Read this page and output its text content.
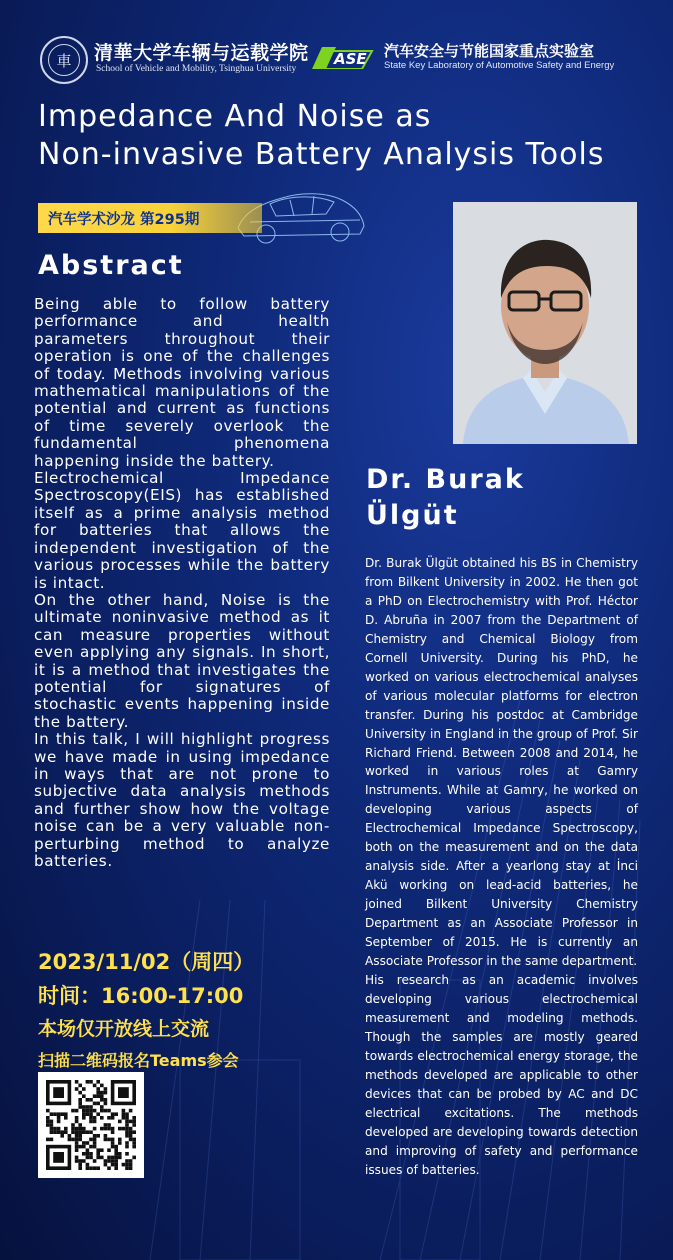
車	清華大学车辆与运载学院
School of Vehicle and Mobility, Tsinghua University
ASE 汽车安全与节能国家重点实验室
State Key Laboratory of Automotive Safety and Energy
Impedance And Noise as
Non-invasive Battery Analysis Tools
汽车学术沙龙 第295期
Abstract

Being able to follow battery performance and health parameters throughout their operation is one of the challenges of today. Methods involving various mathematical manipulations of the potential and current as functions of time severely overlook the fundamental phenomena happening inside the battery.

Electrochemical Impedance Spectroscopy(EIS) has established itself as a prime analysis method for batteries that allows the independent investigation of the various processes while the battery is intact.

On the other hand, Noise is the ultimate noninvasive method as it can measure properties without even applying any signals. In short, it is a method that investigates the potential for signatures of stochastic events happening inside the battery.

In this talk, I will highlight progress we have made in using impedance in ways that are not prone to subjective data analysis methods and further show how the voltage noise can be a very valuable non-perturbing method to analyze batteries.

Dr. Burak
Ülgüt

Dr. Burak Ülgüt obtained his BS in Chemistry from Bilkent University in 2002. He then got a PhD on Electrochemistry with Prof. Héctor D. Abruña in 2007 from the Department of Chemistry and Chemical Biology from Cornell University. During his PhD, he worked on various electrochemical analyses of various molecular platforms for electron transfer. During his postdoc at Cambridge University in England in the group of Prof. Sir Richard Friend. Between 2008 and 2014, he worked in various roles at Gamry Instruments. While at Gamry, he worked on developing various aspects of Electrochemical Impedance Spectroscopy, both on the measurement and on the data analysis side. After a yearlong stay at İnci Akü working on lead-acid batteries, he joined Bilkent University Chemistry Department as an Associate Professor in September of 2015. He is currently an Associate Professor in the same department.

His research as an academic involves developing various electrochemical measurement and modeling methods. Though the samples are mostly geared towards electrochemical energy storage, the methods developed are applicable to other devices that can be probed by AC and DC electrical excitations. The methods developed are developing towards detection and improving of safety and performance issues of batteries.

2023/11/02（周四）
时间：16:00-17:00
本场仅开放线上交流
扫描二维码报名Teams参会
